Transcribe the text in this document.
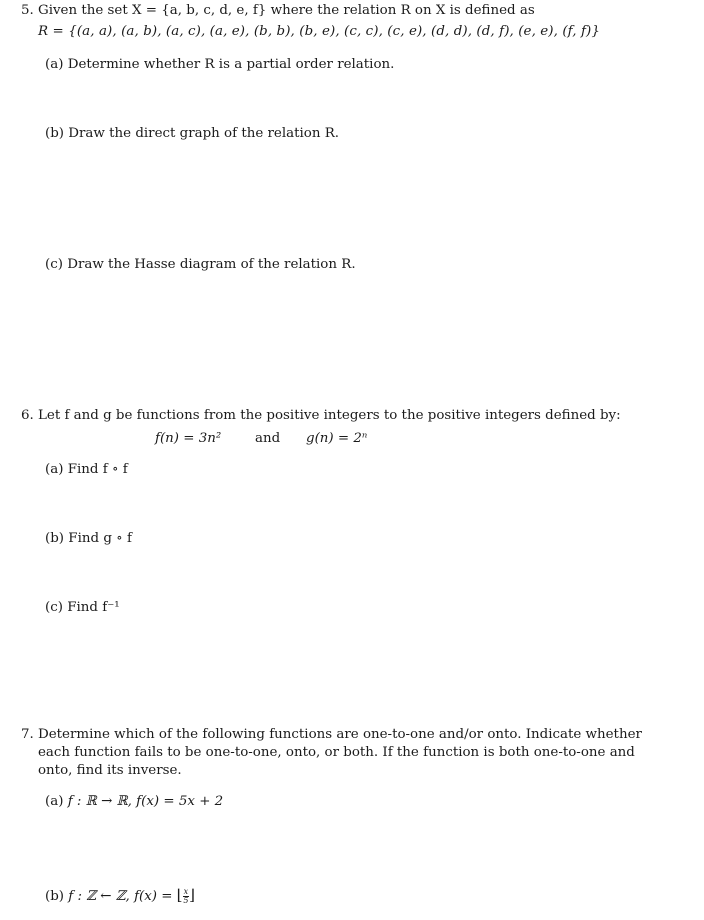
5. Given the set X = {a, b, c, d, e, f} where the relation R on X is defined as
R = {(a, a), (a, b), (a, c), (a, e), (b, b), (b, e), (c, c), (c, e), (d, d), (d, f), (e, e), (f, f)}
(a) Determine whether R is a partial order relation.
(b) Draw the direct graph of the relation R.
(c) Draw the Hasse diagram of the relation R.
6. Let f and g be functions from the positive integers to the positive integers defined by:
f(n) = 3n²	and g(n) = 2ⁿ
(a) Find f ∘ f
(b) Find g ∘ f
(c) Find f⁻¹
7. Determine which of the following functions are one-to-one and/or onto. Indicate whether each function fails to be one-to-one, onto, or both. If the function is both one-to-one and onto, find its inverse.
(a) f : ℝ → ℝ, f(x) = 5x + 2
(b) f : ℤ ← ℤ, f(x) = ⌊ $\frac{x}{5}$ ⌋
